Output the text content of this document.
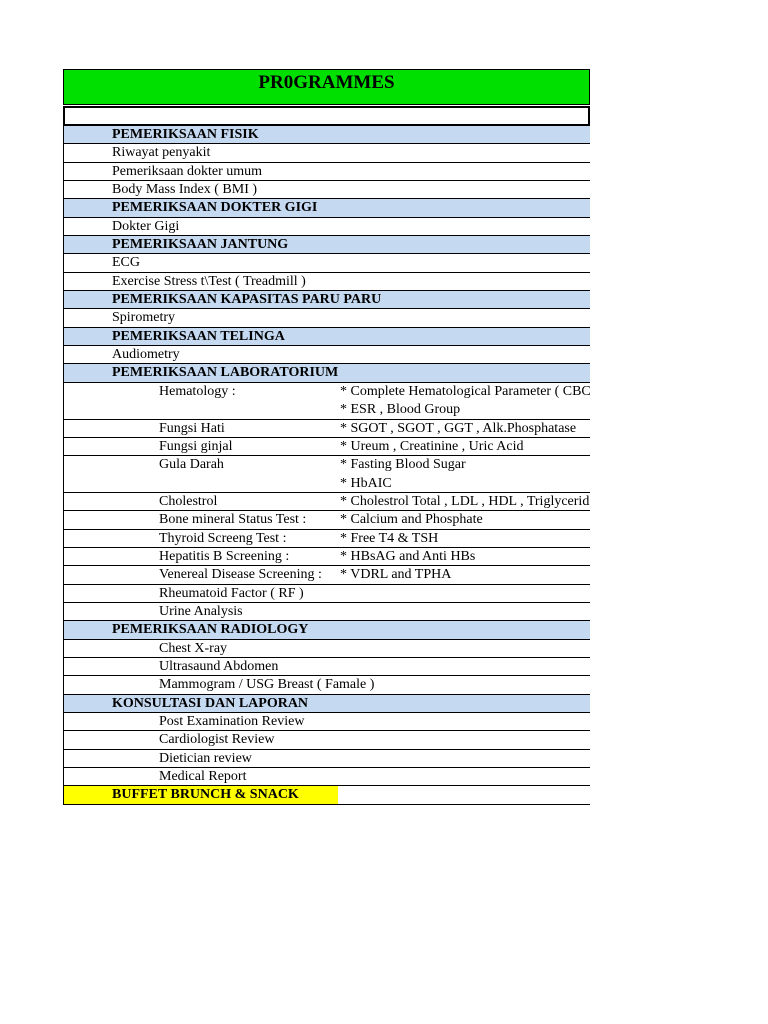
PR0GRAMMES
PEMERIKSAAN FISIK
Riwayat penyakit
Pemeriksaan dokter umum
Body Mass Index ( BMI )
PEMERIKSAAN DOKTER GIGI
Dokter Gigi
PEMERIKSAAN JANTUNG
ECG
Exercise Stress t\Test ( Treadmill )
PEMERIKSAAN KAPASITAS PARU PARU
Spirometry
PEMERIKSAAN TELINGA
Audiometry
PEMERIKSAAN LABORATORIUM
Hematology :	* Complete Hematological Parameter ( CBC
* ESR , Blood Group
Fungsi Hati	* SGOT , SGOT , GGT , Alk.Phosphatase
Fungsi ginjal	* Ureum , Creatinine , Uric Acid
Gula Darah	* Fasting Blood Sugar
* HbAIC
Cholestrol	* Cholestrol Total , LDL , HDL , Triglycerid
Bone mineral Status Test : * Calcium and Phosphate
Thyroid Screeng Test :	* Free T4 & TSH
Hepatitis B Screening :	* HBsAG and Anti HBs
Venereal Disease Screening : * VDRL and TPHA
Rheumatoid Factor ( RF )
Urine Analysis
PEMERIKSAAN RADIOLOGY
Chest X-ray
Ultrasaund Abdomen
Mammogram / USG Breast ( Famale )
KONSULTASI DAN LAPORAN
Post Examination Review
Cardiologist Review
Dietician review
Medical Report
BUFFET BRUNCH & SNACK
